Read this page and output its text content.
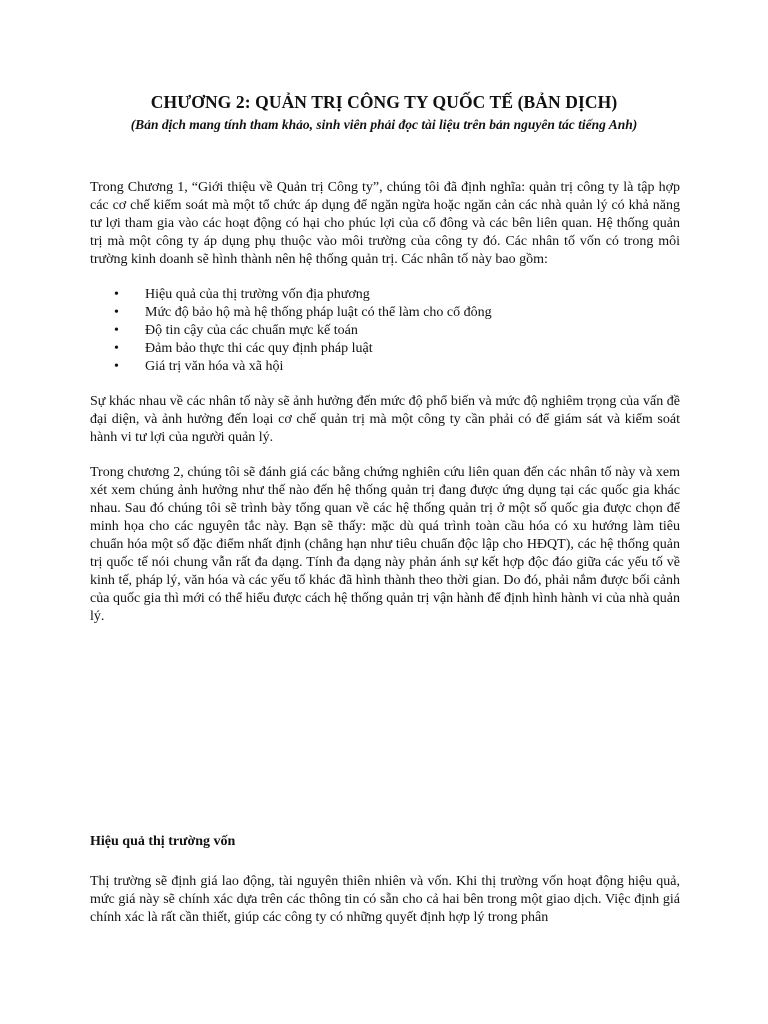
CHƯƠNG 2: QUẢN TRỊ CÔNG TY QUỐC TẾ (BẢN DỊCH)

(Bản dịch mang tính tham khảo, sinh viên phải đọc tài liệu trên bản nguyên tác tiếng Anh)

Trong Chương 1, “Giới thiệu về Quản trị Công ty”, chúng tôi đã định nghĩa: quản trị công ty là tập hợp các cơ chế kiểm soát mà một tổ chức áp dụng để ngăn ngừa hoặc ngăn cản các nhà quản lý có khả năng tư lợi tham gia vào các hoạt động có hại cho phúc lợi của cổ đông và các bên liên quan. Hệ thống quản trị mà một công ty áp dụng phụ thuộc vào môi trường của công ty đó. Các nhân tố vốn có trong môi trường kinh doanh sẽ hình thành nên hệ thống quản trị. Các nhân tố này bao gồm:

• Hiệu quả của thị trường vốn địa phương
• Mức độ bảo hộ mà hệ thống pháp luật có thể làm cho cổ đông
• Độ tin cậy của các chuẩn mực kế toán
• Đảm bảo thực thi các quy định pháp luật
• Giá trị văn hóa và xã hội

Sự khác nhau về các nhân tố này sẽ ảnh hưởng đến mức độ phổ biến và mức độ nghiêm trọng của vấn đề đại diện, và ảnh hưởng đến loại cơ chế quản trị mà một công ty cần phải có để giám sát và kiểm soát hành vi tư lợi của người quản lý.

Trong chương 2, chúng tôi sẽ đánh giá các bằng chứng nghiên cứu liên quan đến các nhân tố này và xem xét xem chúng ảnh hưởng như thế nào đến hệ thống quản trị đang được ứng dụng tại các quốc gia khác nhau. Sau đó chúng tôi sẽ trình bày tổng quan về các hệ thống quản trị ở một số quốc gia được chọn để minh họa cho các nguyên tắc này. Bạn sẽ thấy: mặc dù quá trình toàn cầu hóa có xu hướng làm tiêu chuẩn hóa một số đặc điểm nhất định (chẳng hạn như tiêu chuẩn độc lập cho HĐQT), các hệ thống quản trị quốc tế nói chung vẫn rất đa dạng. Tính đa dạng này phản ánh sự kết hợp độc đáo giữa các yếu tố về kinh tế, pháp lý, văn hóa và các yếu tố khác đã hình thành theo thời gian. Do đó, phải nắm được bối cảnh của quốc gia thì mới có thể hiểu được cách hệ thống quản trị vận hành để định hình hành vi của nhà quản lý.

Hiệu quả thị trường vốn

Thị trường sẽ định giá lao động, tài nguyên thiên nhiên và vốn. Khi thị trường vốn hoạt động hiệu quả, mức giá này sẽ chính xác dựa trên các thông tin có sẵn cho cả hai bên trong một giao dịch. Việc định giá chính xác là rất cần thiết, giúp các công ty có những quyết định hợp lý trong phân
